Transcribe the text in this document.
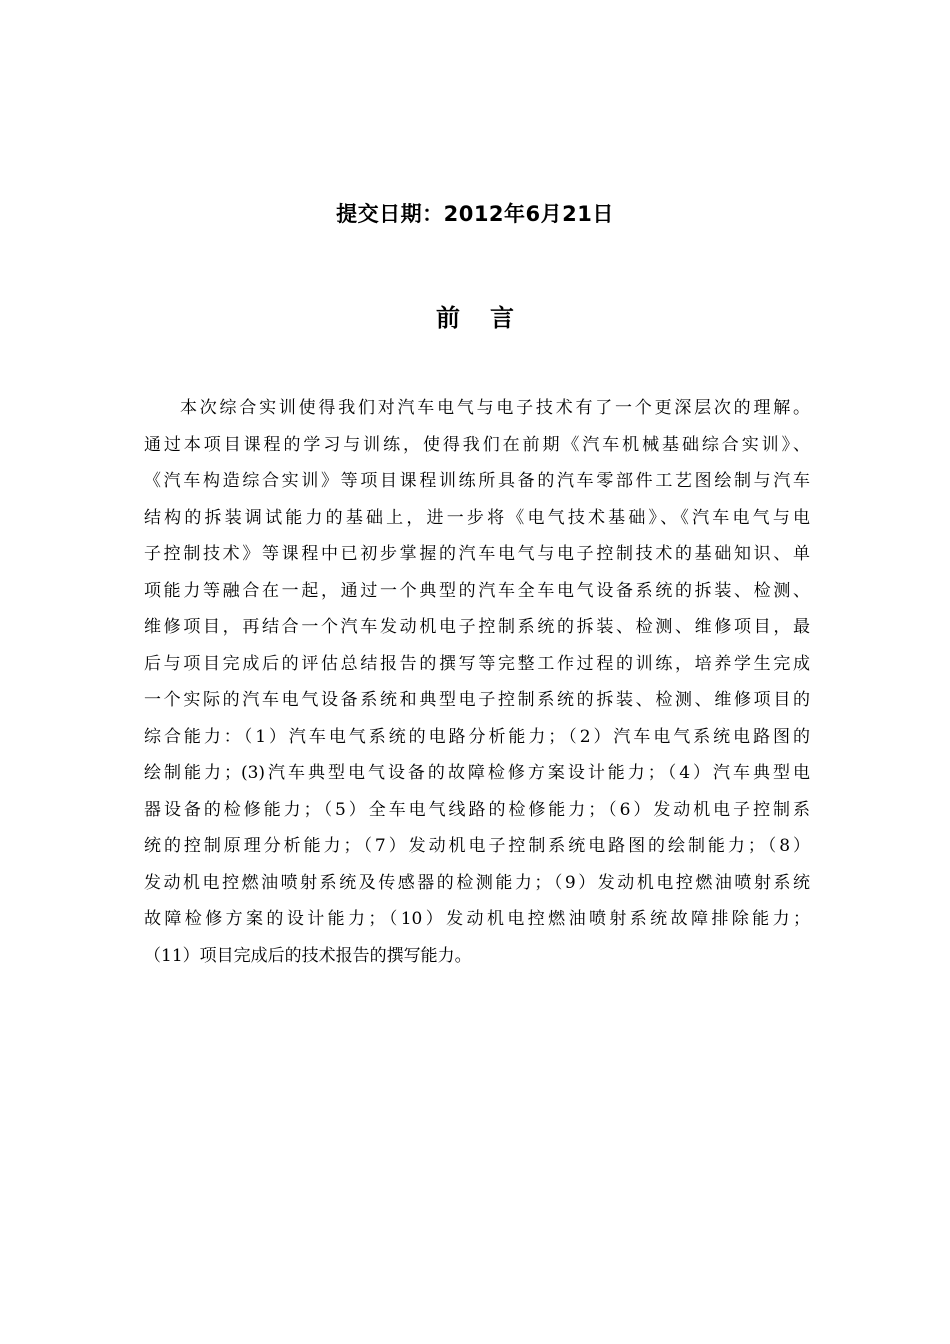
提交日期：2012年6月21日
前言
本次综合实训使得我们对汽车电气与电子技术有了一个更深层次的理解。
通过本项目课程的学习与训练，使得我们在前期《汽车机械基础综合实训》、
《汽车构造综合实训》等项目课程训练所具备的汽车零部件工艺图绘制与汽车
结构的拆装调试能力的基础上，进一步将《电气技术基础》、《汽车电气与电
子控制技术》等课程中已初步掌握的汽车电气与电子控制技术的基础知识、单
项能力等融合在一起，通过一个典型的汽车全车电气设备系统的拆装、检测、
维修项目，再结合一个汽车发动机电子控制系统的拆装、检测、维修项目，最
后与项目完成后的评估总结报告的撰写等完整工作过程的训练，培养学生完成
一个实际的汽车电气设备系统和典型电子控制系统的拆装、检测、维修项目的
综合能力：（1）汽车电气系统的电路分析能力；（2）汽车电气系统电路图的
绘制能力；(3)汽车典型电气设备的故障检修方案设计能力；（4）汽车典型电
器设备的检修能力；（5）全车电气线路的检修能力；（6）发动机电子控制系
统的控制原理分析能力；（7）发动机电子控制系统电路图的绘制能力；（8）
发动机电控燃油喷射系统及传感器的检测能力；（9）发动机电控燃油喷射系统
故障检修方案的设计能力；（10）发动机电控燃油喷射系统故障排除能力；
（11）项目完成后的技术报告的撰写能力。
